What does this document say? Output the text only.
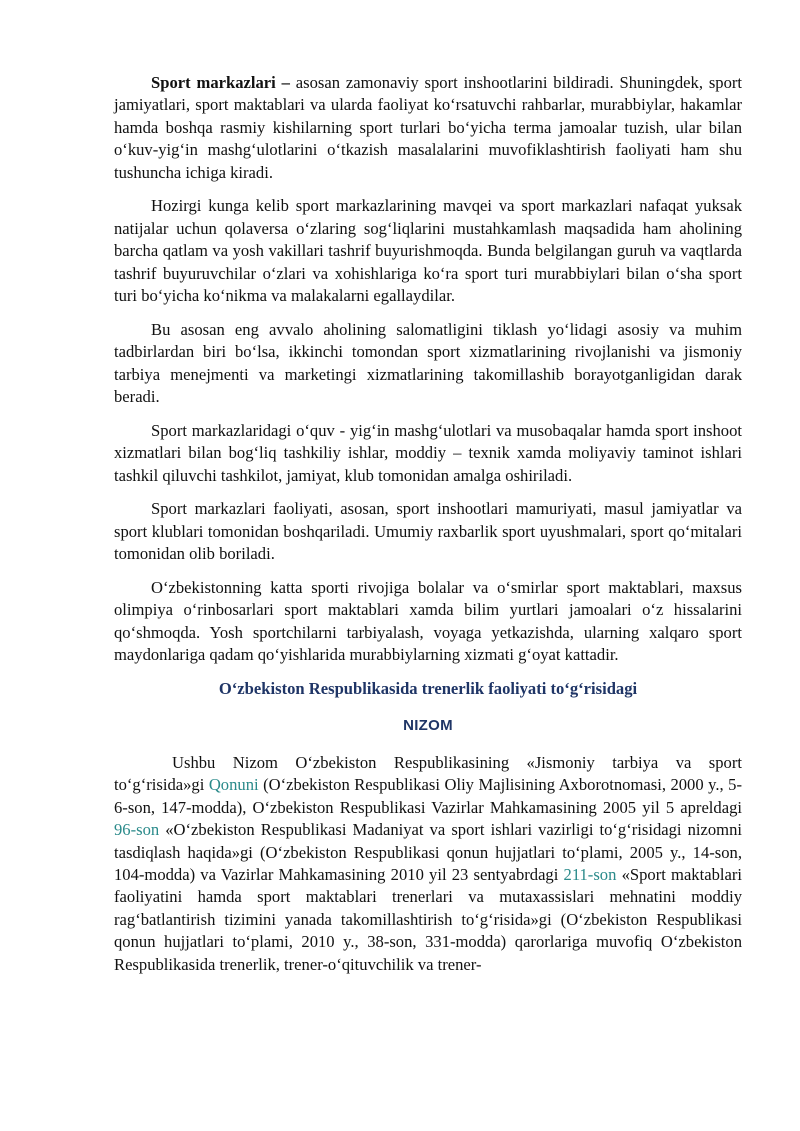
Sport markazlari – asosan zamonaviy sport inshootlarini bildiradi. Shuningdek, sport jamiyatlari, sport maktablari va ularda faoliyat ko‘rsatuvchi rahbarlar, murabbiylar, hakamlar hamda boshqa rasmiy kishilarning sport turlari bo‘yicha terma jamoalar tuzish, ular bilan o‘kuv-yig‘in mashg‘ulotlarini o‘tkazish masalalarini muvofiklashtirish faoliyati ham shu tushuncha ichiga kiradi.

Hozirgi kunga kelib sport markazlarining mavqei va sport markazlari nafaqat yuksak natijalar uchun qolaversa o‘zlaring sog‘liqlarini mustahkamlash maqsadida ham aholining barcha qatlam va yosh vakillari tashrif buyurishmoqda. Bunda belgilangan guruh va vaqtlarda tashrif buyuruvchilar o‘zlari va xohishlariga ko‘ra sport turi murabbiylari bilan o‘sha sport turi bo‘yicha ko‘nikma va malakalarni egallaydilar.

Bu asosan eng avvalo aholining salomatligini tiklash yo‘lidagi asosiy va muhim tadbirlardan biri bo‘lsa, ikkinchi tomondan sport xizmatlarining rivojlanishi va jismoniy tarbiya menejmenti va marketingi xizmatlarining takomillashib borayotganligidan darak beradi.

Sport markazlaridagi o‘quv - yig‘in mashg‘ulotlari va musobaqalar hamda sport inshoot xizmatlari bilan bog‘liq tashkiliy ishlar, moddiy – texnik xamda moliyaviy taminot ishlari tashkil qiluvchi tashkilot, jamiyat, klub tomonidan amalga oshiriladi.

Sport markazlari faoliyati, asosan, sport inshootlari mamuriyati, masul jamiyatlar va sport klublari tomonidan boshqariladi. Umumiy raxbarlik sport uyushmalari, sport qo‘mitalari tomonidan olib boriladi.

O‘zbekistonning katta sporti rivojiga bolalar va o‘smirlar sport maktablari, maxsus olimpiya o‘rinbosarlari sport maktablari xamda bilim yurtlari jamoalari o‘z hissalarini qo‘shmoqda. Yosh sportchilarni tarbiyalash, voyaga yetkazishda, ularning xalqaro sport maydonlariga qadam qo‘yishlarida murabbiylarning xizmati g‘oyat kattadir.

O‘zbekiston Respublikasida trenerlik faoliyati to‘g‘risidagi
NIZOM

Ushbu Nizom O‘zbekiston Respublikasining «Jismoniy tarbiya va sport to‘g‘risida»gi Qonuni (O‘zbekiston Respublikasi Oliy Majlisining Axborotnomasi, 2000 y., 5-6-son, 147-modda), O‘zbekiston Respublikasi Vazirlar Mahkamasining 2005 yil 5 apreldagi 96-son «O‘zbekiston Respublikasi Madaniyat va sport ishlari vazirligi to‘g‘risidagi nizomni tasdiqlash haqida»gi (O‘zbekiston Respublikasi qonun hujjatlari to‘plami, 2005 y., 14-son, 104-modda) va Vazirlar Mahkamasining 2010 yil 23 sentyabrdagi 211-son «Sport maktablari faoliyatini hamda sport maktablari trenerlari va mutaxassislari mehnatini moddiy rag‘batlantirish tizimini yanada takomillashtirish to‘g‘risida»gi (O‘zbekiston Respublikasi qonun hujjatlari to‘plami, 2010 y., 38-son, 331-modda) qarorlariga muvofiq O‘zbekiston Respublikasida trenerlik, trener-o‘qituvchilik va trener-
